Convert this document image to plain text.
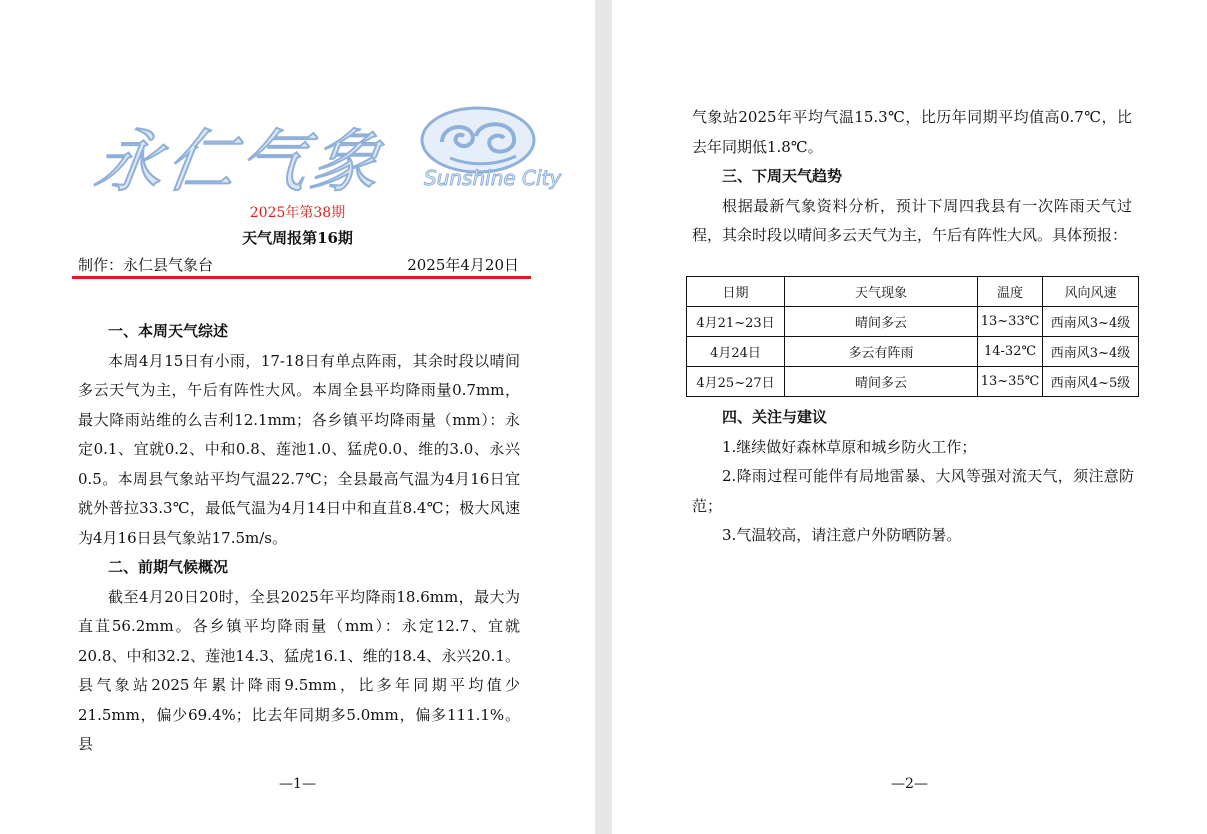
永仁气象 Sunshine City
2025年第38期
天气周报第16期
制作：永仁县气象台	2025年4月20日
一、本周天气综述
本周4月15日有小雨，17-18日有单点阵雨，其余时段以晴间多云天气为主，午后有阵性大风。本周全县平均降雨量0.7mm，最大降雨站维的么吉利12.1mm；各乡镇平均降雨量（mm）：永定0.1、宜就0.2、中和0.8、莲池1.0、猛虎0.0、维的3.0、永兴0.5。本周县气象站平均气温22.7℃；全县最高气温为4月16日宜就外普拉33.3℃，最低气温为4月14日中和直苴8.4℃；极大风速为4月16日县气象站17.5m/s。
二、前期气候概况
截至4月20日20时，全县2025年平均降雨18.6mm，最大为直苴56.2mm。各乡镇平均降雨量（mm）：永定12.7、宜就20.8、中和32.2、莲池14.3、猛虎16.1、维的18.4、永兴20.1。县气象站2025年累计降雨9.5mm，比多年同期平均值少21.5mm，偏少69.4%；比去年同期多5.0mm，偏多111.1%。县
—1—
气象站2025年平均气温15.3℃，比历年同期平均值高0.7℃，比去年同期低1.8℃。
三、下周天气趋势
根据最新气象资料分析，预计下周四我县有一次阵雨天气过程，其余时段以晴间多云天气为主，午后有阵性大风。具体预报：
—2—
日期	天气现象	温度	风向风速
4月21~23日	晴间多云	13~33℃	西南风3~4级
4月24日	多云有阵雨	14-32℃	西南风3~4级
4月25~27日	晴间多云	13~35℃	西南风4~5级
四、关注与建议
1.继续做好森林草原和城乡防火工作；
2.降雨过程可能伴有局地雷暴、大风等强对流天气，须注意防范；
3.气温较高，请注意户外防晒防暑。
